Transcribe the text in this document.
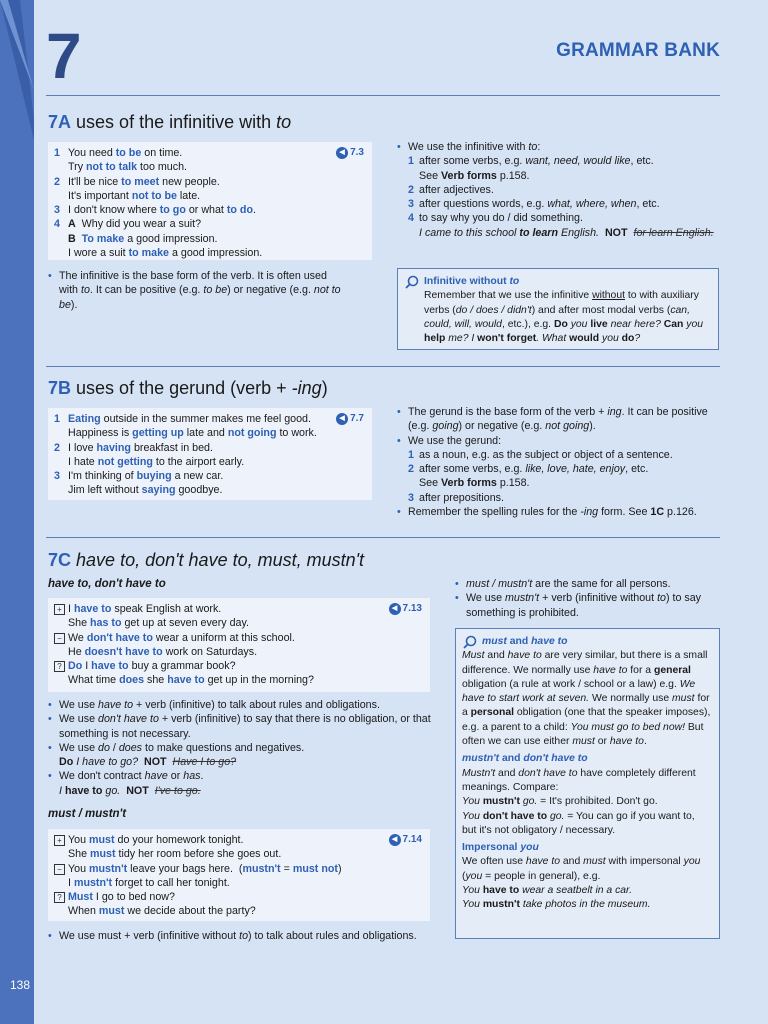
138
7	GRAMMAR BANK
7A uses of the infinitive with to
◀ 7.3
1 You need to be on time.
Try not to talk too much.
2 It'll be nice to meet new people.
It's important not to be late.
3 I don't know where to go or what to do.
4 A  Why did you wear a suit?
B To make a good impression.
I wore a suit to make a good impression.
• The infinitive is the base form of the verb. It is often used with to. It can be positive (e.g. to be) or negative (e.g. not to be).
• We use the infinitive with to:
1 after some verbs, e.g. want, need, would like, etc.
See Verb forms p.158.
2 after adjectives.
3 after questions words, e.g. what, where, when, etc.
4 to say why you do / did something.
I came to this school to learn English. NOT for learn English.
Infinitive without to
Remember that we use the infinitive without to with auxiliary verbs (do / does / didn't) and after most modal verbs (can, could, will, would, etc.), e.g. Do you live near here? Can you help me? I won't forget. What would you do?
7B uses of the gerund (verb + -ing)
◀ 7.7
1 Eating outside in the summer makes me feel good.
Happiness is getting up late and not going to work.
2 I love having breakfast in bed.
I hate not getting to the airport early.
3 I'm thinking of buying a new car.
Jim left without saying goodbye.
• The gerund is the base form of the verb + ing. It can be positive (e.g. going) or negative (e.g. not going).
• We use the gerund:
1 as a noun, e.g. as the subject or object of a sentence.
2 after some verbs, e.g. like, love, hate, enjoy, etc.
See Verb forms p.158.
3 after prepositions.
• Remember the spelling rules for the -ing form. See 1C p.126.
7C have to, don't have to, must, mustn't
have to, don't have to
◀ 7.13
+ I have to speak English at work.
She has to get up at seven every day.
− We don't have to wear a uniform at this school.
He doesn't have to work on Saturdays.
? Do I have to buy a grammar book?
What time does she have to get up in the morning?
• We use have to + verb (infinitive) to talk about rules and obligations.
• We use don't have to + verb (infinitive) to say that there is no obligation, or that something is not necessary.
• We use do / does to make questions and negatives.
Do I have to go? NOT Have I to go?
• We don't contract have or has.
I have to go. NOT I've to go.
must / mustn't
◀ 7.14
+ You must do your homework tonight.
She must tidy her room before she goes out.
− You mustn't leave your bags here.  (mustn't = must not)
I mustn't forget to call her tonight.
? Must I go to bed now?
When must we decide about the party?
• We use must + verb (infinitive without to) to talk about rules and obligations.
• must / mustn't are the same for all persons.
• We use mustn't + verb (infinitive without to) to say something is prohibited.
must and have to
Must and have to are very similar, but there is a small difference. We normally use have to for a general obligation (a rule at work / school or a law) e.g. We have to start work at seven. We normally use must for a personal obligation (one that the speaker imposes), e.g. a parent to a child: You must go to bed now! But often we can use either must or have to.
mustn't and don't have to
Mustn't and don't have to have completely different meanings. Compare:
You mustn't go. = It's prohibited. Don't go.
You don't have to go. = You can go if you want to, but it's not obligatory / necessary.
Impersonal you
We often use have to and must with impersonal you (you = people in general), e.g.
You have to wear a seatbelt in a car.
You mustn't take photos in the museum.
